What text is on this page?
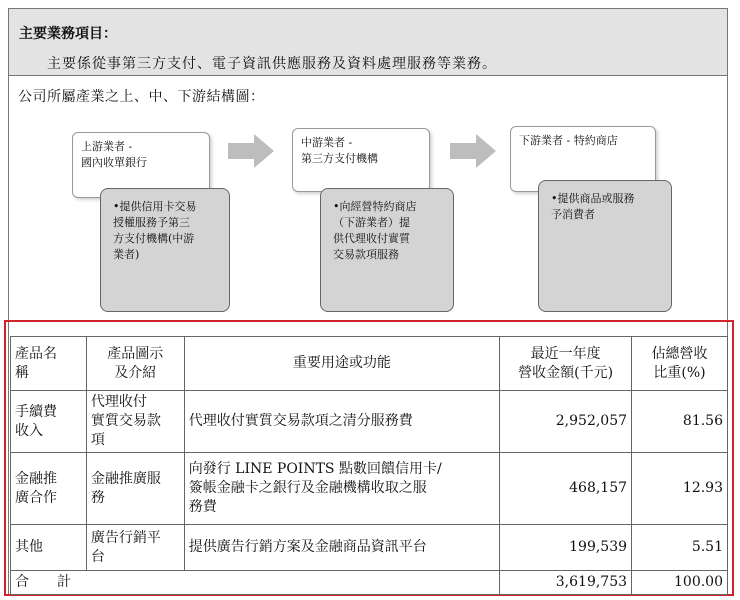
主要業務項目：
主要係從事第三方支付、電子資訊供應服務及資料處理服務等業務。
公司所屬產業之上、中、下游結構圖：
上游業者 -
國內收單銀行
•提供信用卡交易
授權服務予第三
方支付機構(中游
業者)
中游業者 -
第三方支付機構
•向經營特約商店
（下游業者）提
供代理收付實質
交易款項服務
下游業者 - 特約商店
•提供商品或服務
予消費者
產品名
稱	產品圖示
及介紹	重要用途或功能	最近一年度
營收金額(千元)	佔總營收
比重(%)
手續費
收入	代理收付
實質交易款
項	代理收付實質交易款項之清分服務費	2,952,057	81.56
金融推
廣合作	金融推廣服
務	向發行 LINE POINTS 點數回饋信用卡/
簽帳金融卡之銀行及金融機構收取之服
務費	468,157	12.93
其他	廣告行銷平
台	提供廣告行銷方案及金融商品資訊平台	199,539	5.51
合　　計			3,619,753	100.00
